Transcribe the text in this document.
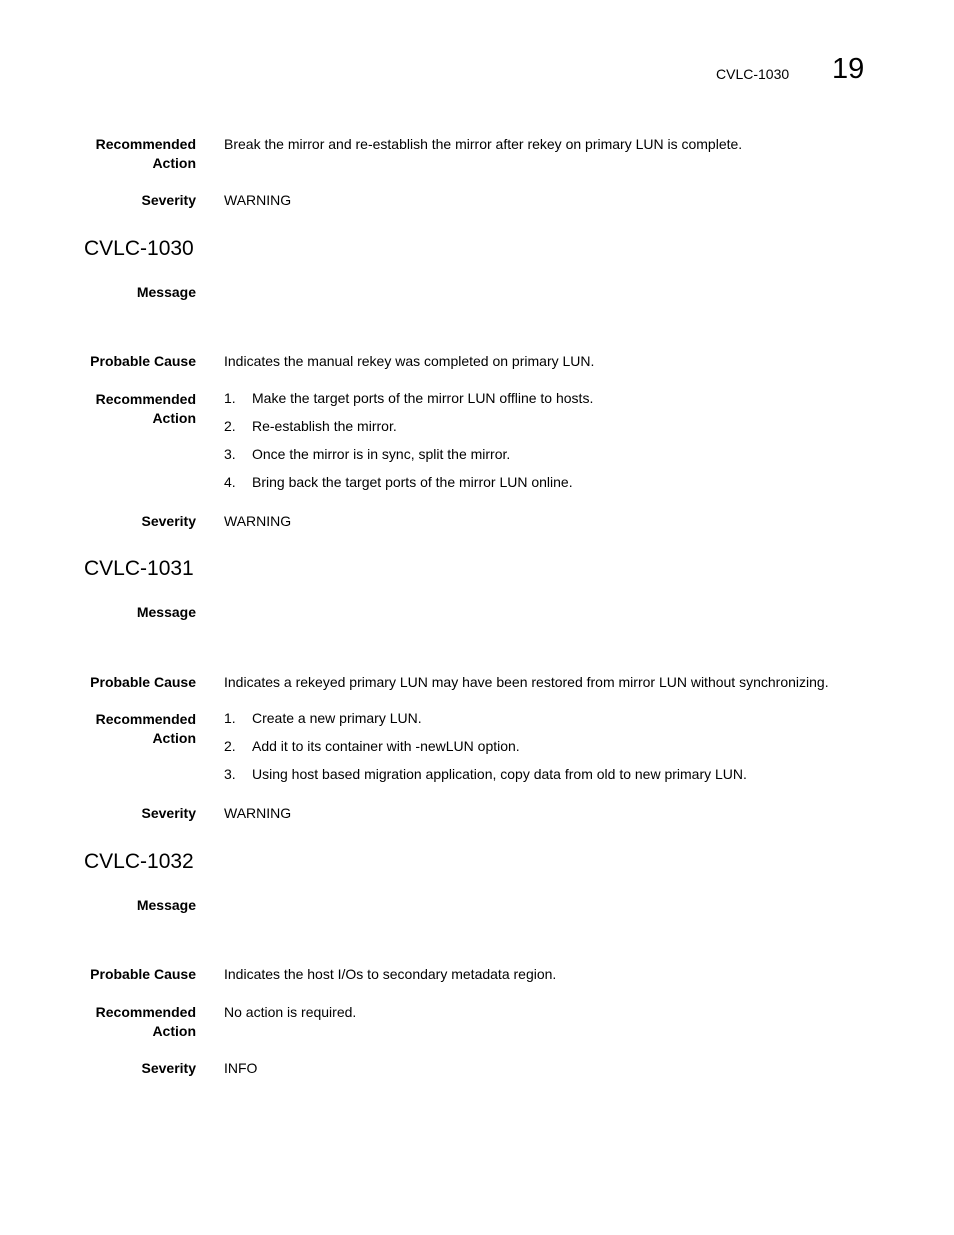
CVLC-1030 19
Recommended Action
Break the mirror and re-establish the mirror after rekey on primary LUN is complete.
Severity WARNING
CVLC-1030
Message
Probable Cause Indicates the manual rekey was completed on primary LUN.
Recommended Action
1. Make the target ports of the mirror LUN offline to hosts.
2. Re-establish the mirror.
3. Once the mirror is in sync, split the mirror.
4. Bring back the target ports of the mirror LUN online.
Severity WARNING
CVLC-1031
Message
Probable Cause Indicates a rekeyed primary LUN may have been restored from mirror LUN without synchronizing.
Recommended Action
1. Create a new primary LUN.
2. Add it to its container with -newLUN option.
3. Using host based migration application, copy data from old to new primary LUN.
Severity WARNING
CVLC-1032
Message
Probable Cause Indicates the host I/Os to secondary metadata region.
Recommended Action
No action is required.
Severity INFO
